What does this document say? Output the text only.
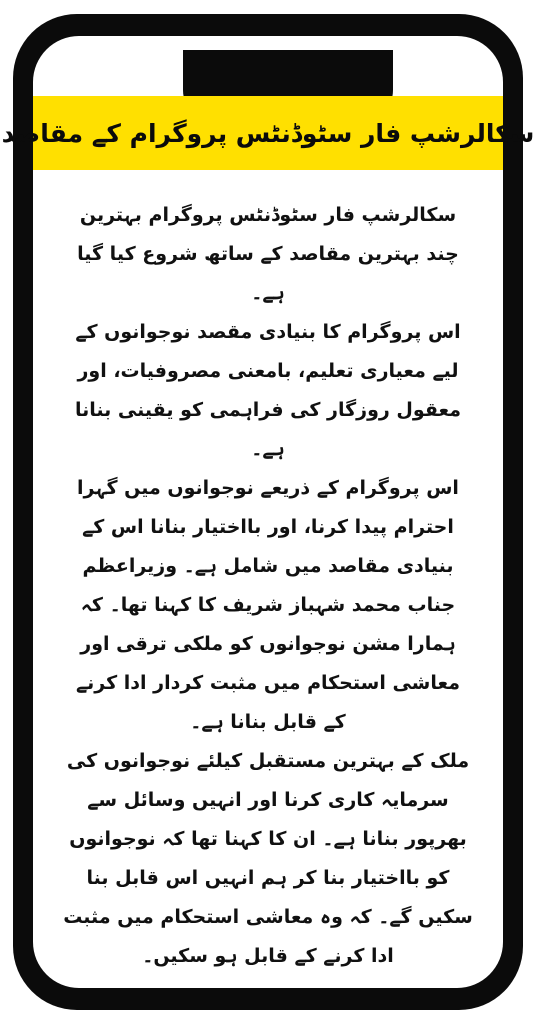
سکالرشپ فار سٹوڈنٹس پروگرام کے مقاصد

سکالرشپ فار سٹوڈنٹس پروگرام بہترین چند بہترین مقاصد کے ساتھ شروع کیا گیا ہے۔

اس پروگرام کا بنیادی مقصد نوجوانوں کے لیے معیاری تعلیم، بامعنی مصروفیات، اور معقول روزگار کی فراہمی کو یقینی بنانا ہے۔

اس پروگرام کے ذریعے نوجوانوں میں گہرا احترام پیدا کرنا، اور بااختیار بنانا اس کے بنیادی مقاصد میں شامل ہے۔ وزیراعظم جناب محمد شہباز شریف کا کہنا تھا۔ کہ ہمارا مشن نوجوانوں کو ملکی ترقی اور معاشی استحکام میں مثبت کردار ادا کرنے کے قابل بنانا ہے۔

ملک کے بہترین مستقبل کیلئے نوجوانوں کی سرمایہ کاری کرنا اور انہیں وسائل سے بھرپور بنانا ہے۔ ان کا کہنا تھا کہ نوجوانوں کو بااختیار بنا کر ہم انہیں اس قابل بنا سکیں گے۔ کہ وہ معاشی استحکام میں مثبت ادا کرنے کے قابل ہو سکیں۔
